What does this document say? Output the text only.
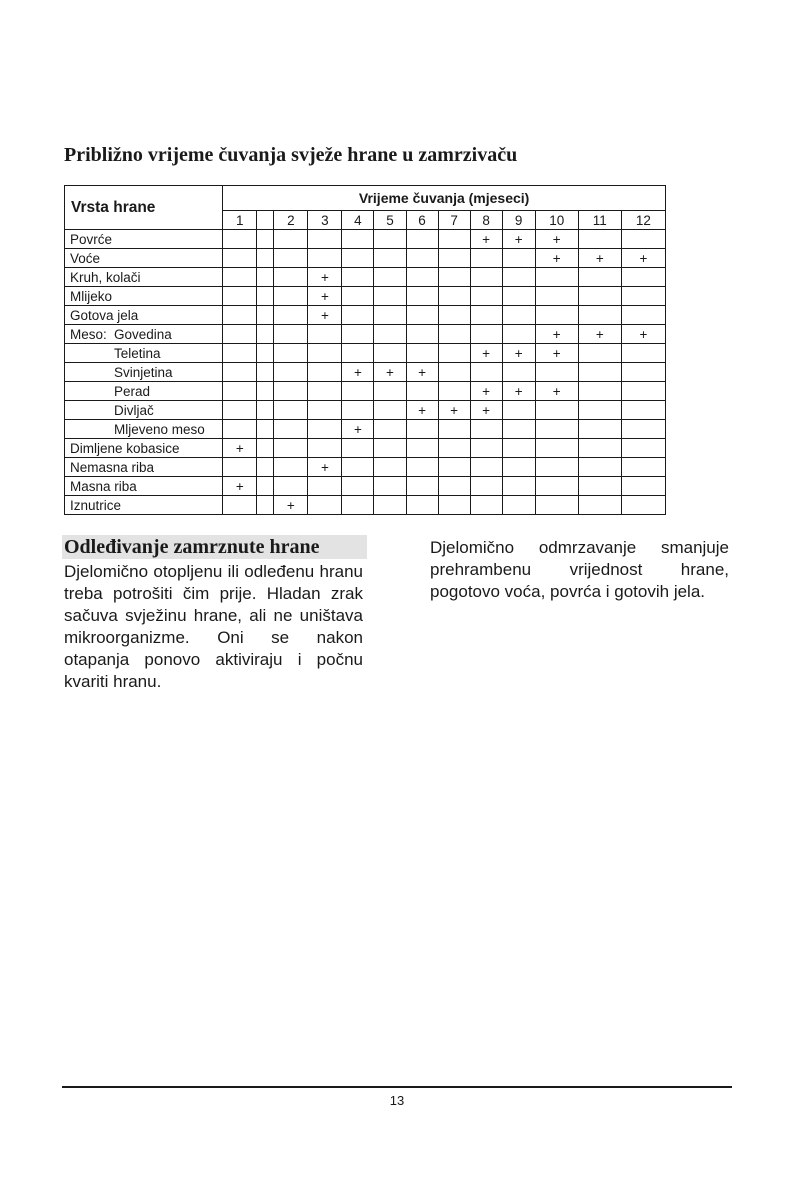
Približno vrijeme čuvanja svježe hrane u zamrzivaču
Vrsta hrane	Vrijeme čuvanja (mjeseci)												
	1		2	3	4	5	6	7	8	9	10	11	12
Povrće									+	+	+		
Voće											+	+	+
Kruh, kolači				+									
Mlijeko				+									
Gotova jela				+									
Meso: Govedina											+	+	+
Teletina									+	+	+		
Svinjetina					+	+	+						
Perad									+	+	+		
Divljač							+	+	+				
Mljeveno meso					+								
Dimljene kobasice	+												
Nemasna riba				+									
Masna riba	+												
Iznutrice			+										
Odleđivanje zamrznute hrane

Djelomično otopljenu ili odleđenu hranu treba potrošiti čim prije. Hladan zrak sačuva svježinu hrane, ali ne uništava mikroorganizme. Oni se nakon otapanja ponovo aktiviraju i počnu kvariti hranu.

Djelomično odmrzavanje smanjuje prehrambenu vrijednost hrane, pogotovo voća, povrća i gotovih jela.

13
